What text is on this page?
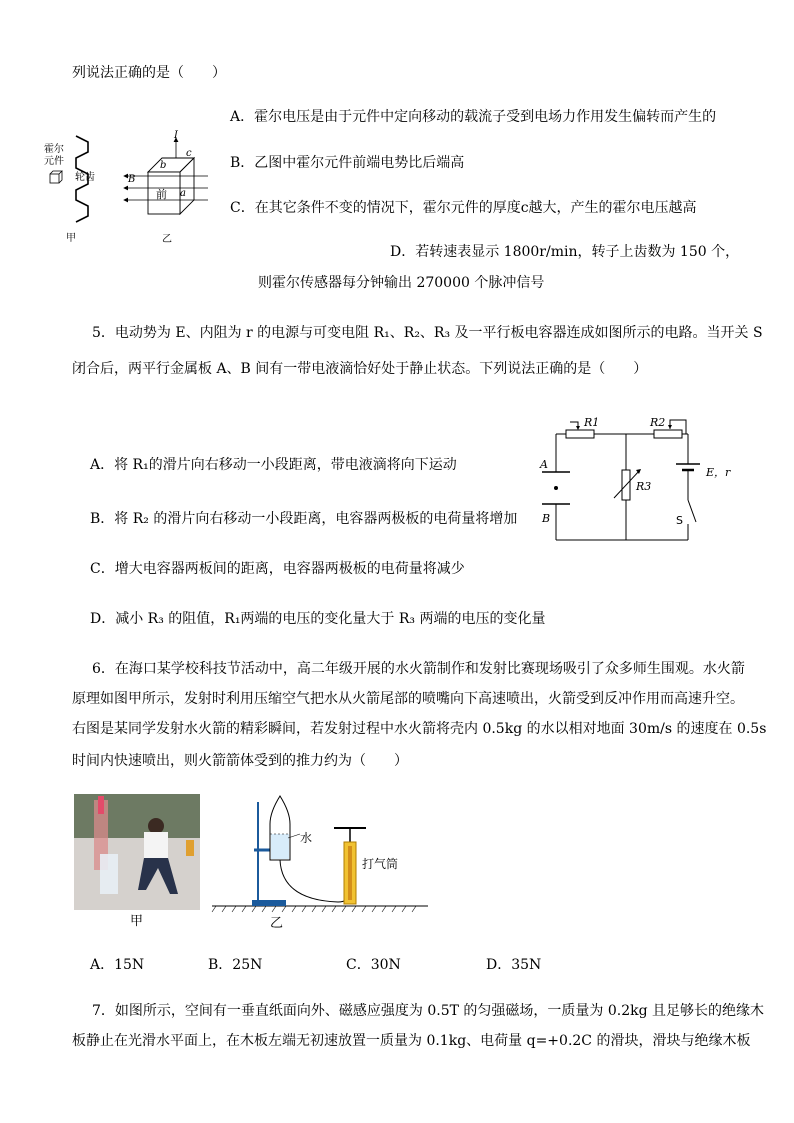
列说法正确的是（　　）
A．霍尔电压是由于元件中定向移动的载流子受到电场力作用发生偏转而产生的
B．乙图中霍尔元件前端电势比后端高
C．在其它条件不变的情况下，霍尔元件的厚度c越大，产生的霍尔电压越高
D．若转速表显示 1800r/min，转子上齿数为 150 个，
则霍尔传感器每分钟输出 270000 个脉冲信号
霍尔
元件
轮齿
甲
I
c
b
前 a
B
乙
5．电动势为 E、内阻为 r 的电源与可变电阻 R₁、R₂、R₃ 及一平行板电容器连成如图所示的电路。当开关 S
闭合后，两平行金属板 A、B 间有一带电液滴恰好处于静止状态。下列说法正确的是（　　）
A．将 R₁的滑片向右移动一小段距离，带电液滴将向下运动
B．将 R₂ 的滑片向右移动一小段距离，电容器两极板的电荷量将增加
C．增大电容器两板间的距离，电容器两极板的电荷量将减少
D．减小 R₃ 的阻值，R₁两端的电压的变化量大于 R₃ 两端的电压的变化量
R1	R2
R3
A
B
E，r
S
6．在海口某学校科技节活动中，高二年级开展的水火箭制作和发射比赛现场吸引了众多师生围观。水火箭
原理如图甲所示，发射时利用压缩空气把水从火箭尾部的喷嘴向下高速喷出，火箭受到反冲作用而高速升空。
右图是某同学发射水火箭的精彩瞬间，若发射过程中水火箭将壳内 0.5kg 的水以相对地面 30m/s 的速度在 0.5s
时间内快速喷出，则火箭箭体受到的推力约为（　　）
甲
水
打气筒
乙
A．15N	B．25N	C．30N	D．35N
7．如图所示，空间有一垂直纸面向外、磁感应强度为 0.5T 的匀强磁场，一质量为 0.2kg 且足够长的绝缘木
板静止在光滑水平面上，在木板左端无初速放置一质量为 0.1kg、电荷量 q=+0.2C 的滑块，滑块与绝缘木板
